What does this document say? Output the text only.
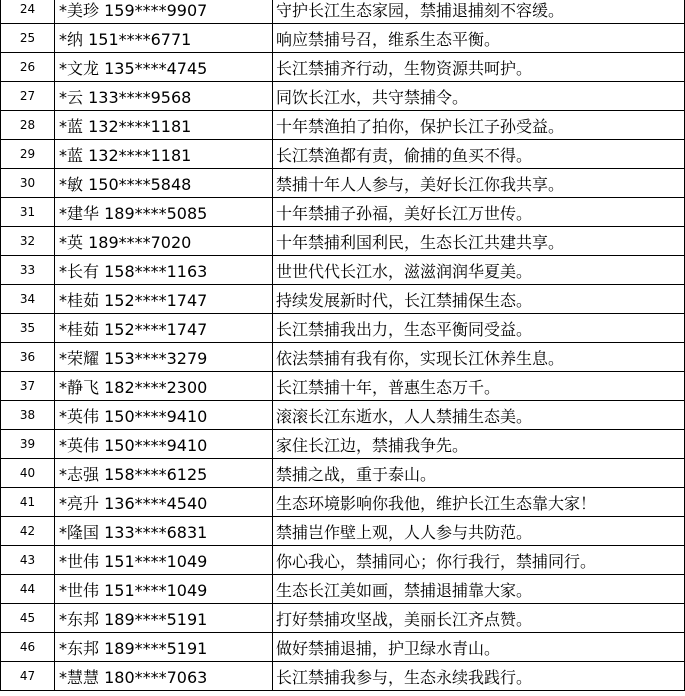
24	*美珍 159****9907	守护长江生态家园，禁捕退捕刻不容缓。
25	*纳 151****6771	响应禁捕号召，维系生态平衡。
26	*文龙 135****4745	长江禁捕齐行动，生物资源共呵护。
27	*云 133****9568	同饮长江水，共守禁捕令。
28	*蓝 132****1181	十年禁渔拍了拍你，保护长江子孙受益。
29	*蓝 132****1181	长江禁渔都有责，偷捕的鱼买不得。
30	*敏 150****5848	禁捕十年人人参与，美好长江你我共享。
31	*建华 189****5085	十年禁捕子孙福，美好长江万世传。
32	*英 189****7020	十年禁捕利国利民，生态长江共建共享。
33	*长有 158****1163	世世代代长江水，滋滋润润华夏美。
34	*桂茹 152****1747	持续发展新时代，长江禁捕保生态。
35	*桂茹 152****1747	长江禁捕我出力，生态平衡同受益。
36	*荣耀 153****3279	依法禁捕有我有你，实现长江休养生息。
37	*静飞 182****2300	长江禁捕十年，普惠生态万千。
38	*英伟 150****9410	滚滚长江东逝水，人人禁捕生态美。
39	*英伟 150****9410	家住长江边，禁捕我争先。
40	*志强 158****6125	禁捕之战，重于泰山。
41	*亮升 136****4540	生态环境影响你我他，维护长江生态靠大家！
42	*隆国 133****6831	禁捕岂作壁上观，人人参与共防范。
43	*世伟 151****1049	你心我心，禁捕同心；你行我行，禁捕同行。
44	*世伟 151****1049	生态长江美如画，禁捕退捕靠大家。
45	*东邦 189****5191	打好禁捕攻坚战，美丽长江齐点赞。
46	*东邦 189****5191	做好禁捕退捕，护卫绿水青山。
47	*慧慧 180****7063	长江禁捕我参与，生态永续我践行。
